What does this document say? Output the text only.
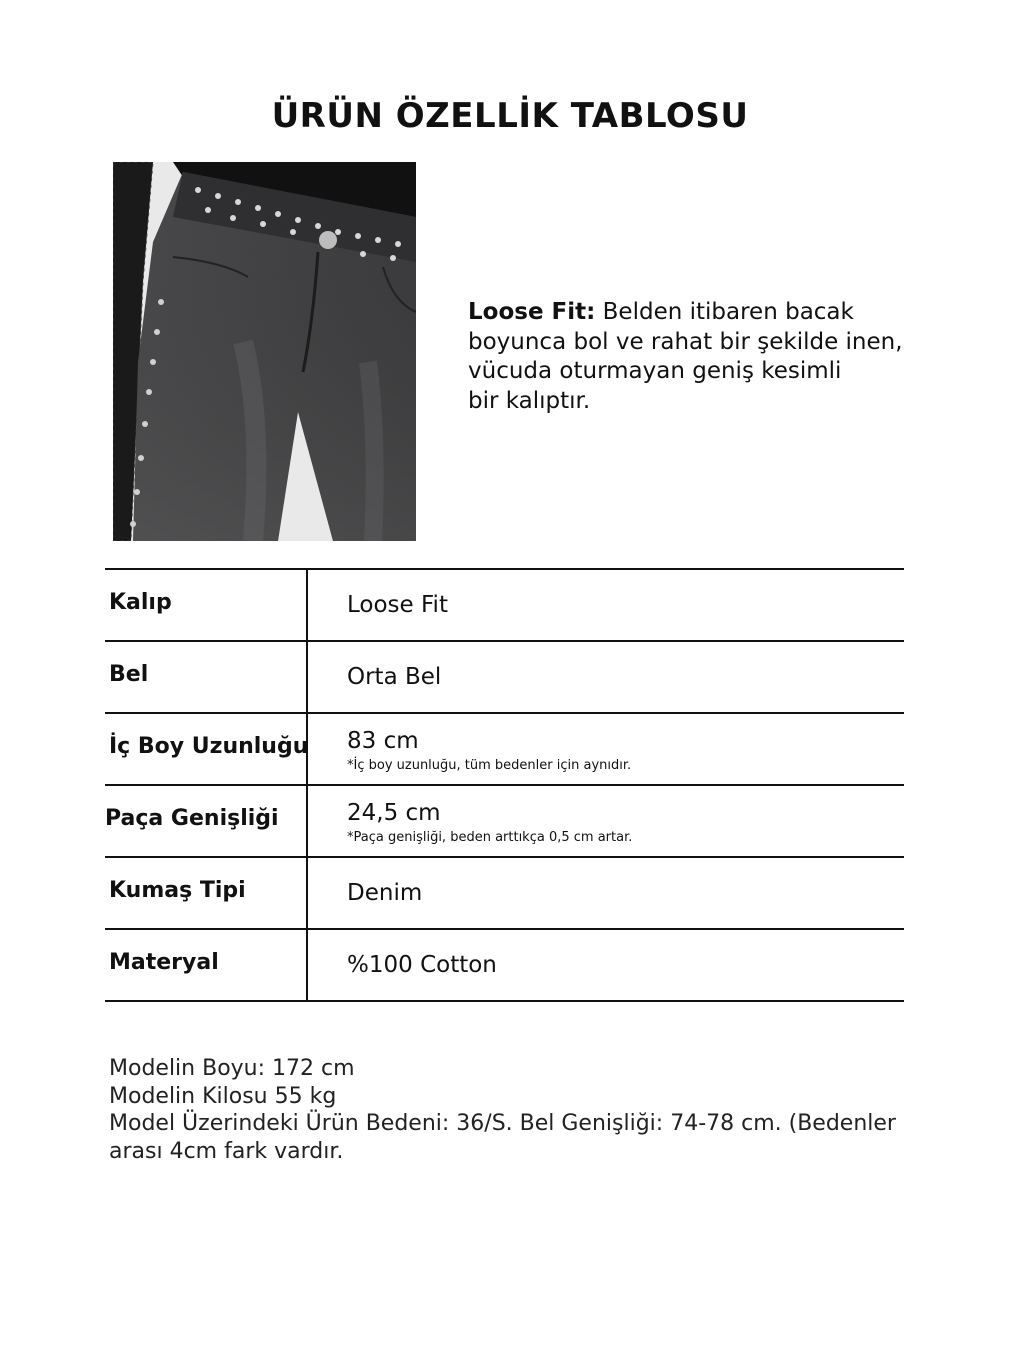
ÜRÜN ÖZELLİK TABLOSU
Loose Fit: Belden itibaren bacak
boyunca bol ve rahat bir şekilde inen,
vücuda oturmayan geniş kesimli
bir kalıptır.
Kalıp	Loose Fit
Bel	Orta Bel
İç Boy Uzunluğu 83 cm
*İç boy uzunluğu, tüm bedenler için aynıdır.
Paça Genişliği	24,5 cm
*Paça genişliği, beden arttıkça 0,5 cm artar.
Kumaş Tipi	Denim
Materyal	%100 Cotton
Modelin Boyu: 172 cm
Modelin Kilosu 55 kg
Model Üzerindeki Ürün Bedeni: 36/S. Bel Genişliği: 74-78 cm. (Bedenler
arası 4cm fark vardır.
